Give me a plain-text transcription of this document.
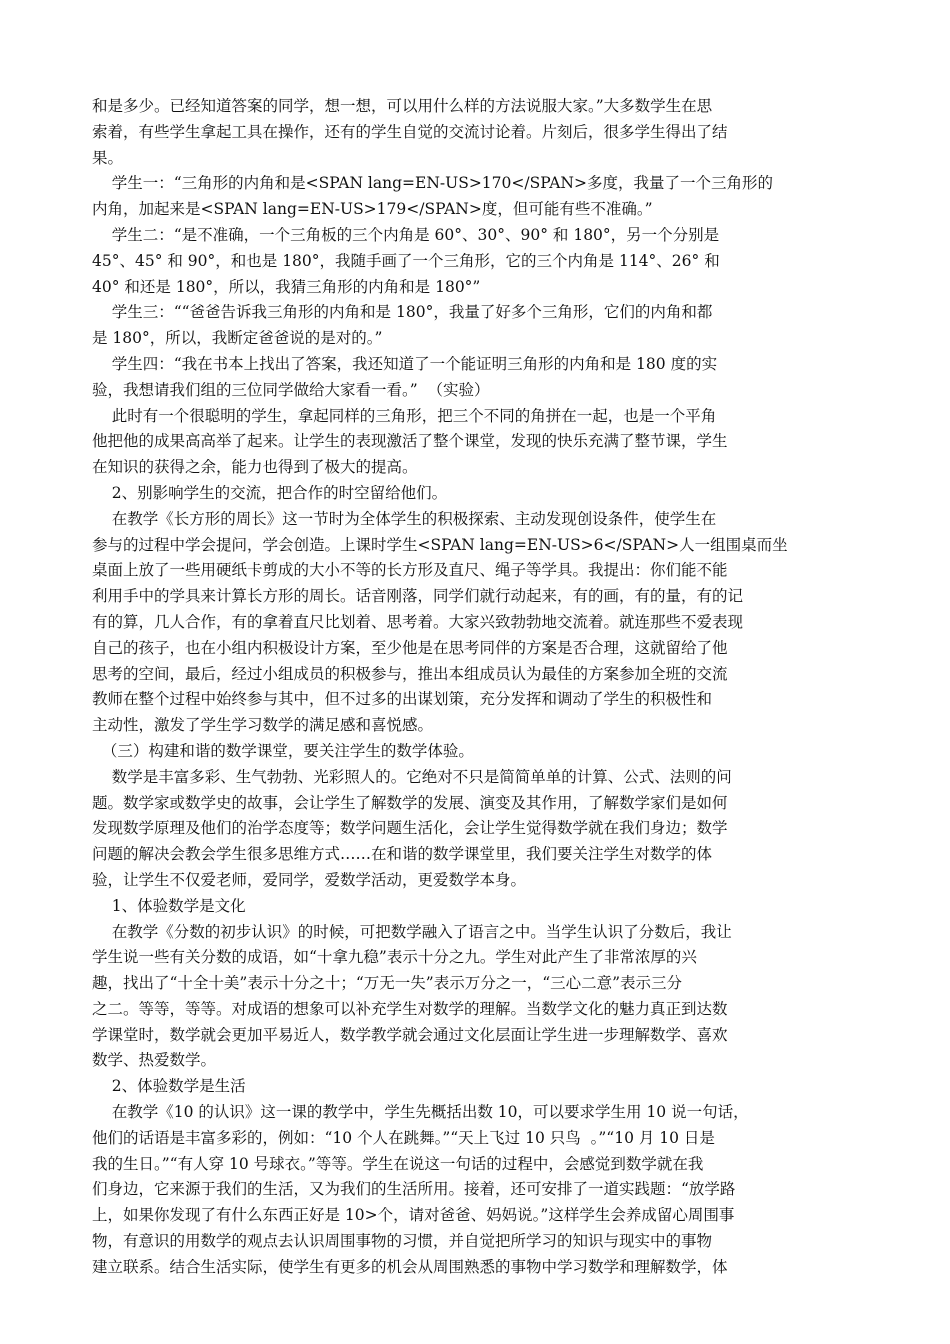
和是多少。已经知道答案的同学，想一想，可以用什么样的方法说服大家。”大多数学生在思
索着，有些学生拿起工具在操作，还有的学生自觉的交流讨论着。片刻后，很多学生得出了结
果。
学生一：“三角形的内角和是<SPAN lang=EN-US>170</SPAN>多度，我量了一个三角形的
内角，加起来是<SPAN lang=EN-US>179</SPAN>度，但可能有些不准确。”
学生二：“是不准确，一个三角板的三个内角是 60°、30°、90° 和 180°，另一个分别是
45°、45° 和 90°，和也是 180°，我随手画了一个三角形，它的三个内角是 114°、26° 和
40° 和还是 180°，所以，我猜三角形的内角和是 180°”
学生三：““爸爸告诉我三角形的内角和是 180°，我量了好多个三角形，它们的内角和都
是 180°，所以，我断定爸爸说的是对的。”
学生四：“我在书本上找出了答案，我还知道了一个能证明三角形的内角和是 180 度的实
验，我想请我们组的三位同学做给大家看一看。”  （实验）
此时有一个很聪明的学生，拿起同样的三角形，把三个不同的角拼在一起，也是一个平角
他把他的成果高高举了起来。让学生的表现激活了整个课堂，发现的快乐充满了整节课，学生
在知识的获得之余，能力也得到了极大的提高。
2、别影响学生的交流，把合作的时空留给他们。
在教学《长方形的周长》这一节时为全体学生的积极探索、主动发现创设条件，使学生在
参与的过程中学会提问，学会创造。上课时学生<SPAN lang=EN-US>6</SPAN>人一组围桌而坐
桌面上放了一些用硬纸卡剪成的大小不等的长方形及直尺、绳子等学具。我提出：你们能不能
利用手中的学具来计算长方形的周长。话音刚落，同学们就行动起来，有的画，有的量，有的记
有的算，几人合作，有的拿着直尺比划着、思考着。大家兴致勃勃地交流着。就连那些不爱表现
自己的孩子，也在小组内积极设计方案，至少他是在思考同伴的方案是否合理，这就留给了他
思考的空间，最后，经过小组成员的积极参与，推出本组成员认为最佳的方案参加全班的交流
教师在整个过程中始终参与其中，但不过多的出谋划策，充分发挥和调动了学生的积极性和
主动性，激发了学生学习数学的满足感和喜悦感。
（三）构建和谐的数学课堂，要关注学生的数学体验。
数学是丰富多彩、生气勃勃、光彩照人的。它绝对不只是简简单单的计算、公式、法则的问
题。数学家或数学史的故事，会让学生了解数学的发展、演变及其作用，了解数学家们是如何
发现数学原理及他们的治学态度等；数学问题生活化，会让学生觉得数学就在我们身边；数学
问题的解决会教会学生很多思维方式……在和谐的数学课堂里，我们要关注学生对数学的体
验，让学生不仅爱老师，爱同学，爱数学活动，更爱数学本身。
1、体验数学是文化
在教学《分数的初步认识》的时候，可把数学融入了语言之中。当学生认识了分数后，我让
学生说一些有关分数的成语，如“十拿九稳”表示十分之九。学生对此产生了非常浓厚的兴
趣，找出了“十全十美”表示十分之十；“万无一失”表示万分之一，“三心二意”表示三分
之二。等等，等等。对成语的想象可以补充学生对数学的理解。当数学文化的魅力真正到达数
学课堂时，数学就会更加平易近人，数学教学就会通过文化层面让学生进一步理解数学、喜欢
数学、热爱数学。
2、体验数学是生活
在教学《10 的认识》这一课的教学中，学生先概括出数 10，可以要求学生用 10 说一句话，
他们的话语是丰富多彩的，例如：“10 个人在跳舞。”“天上飞过 10 只鸟  。”“10 月 10 日是
我的生日。”“有人穿 10 号球衣。”等等。学生在说这一句话的过程中，会感觉到数学就在我
们身边，它来源于我们的生活，又为我们的生活所用。接着，还可安排了一道实践题：“放学路
上，如果你发现了有什么东西正好是 10>个，请对爸爸、妈妈说。”这样学生会养成留心周围事
物，有意识的用数学的观点去认识周围事物的习惯，并自觉把所学习的知识与现实中的事物
建立联系。结合生活实际，使学生有更多的机会从周围熟悉的事物中学习数学和理解数学，体
